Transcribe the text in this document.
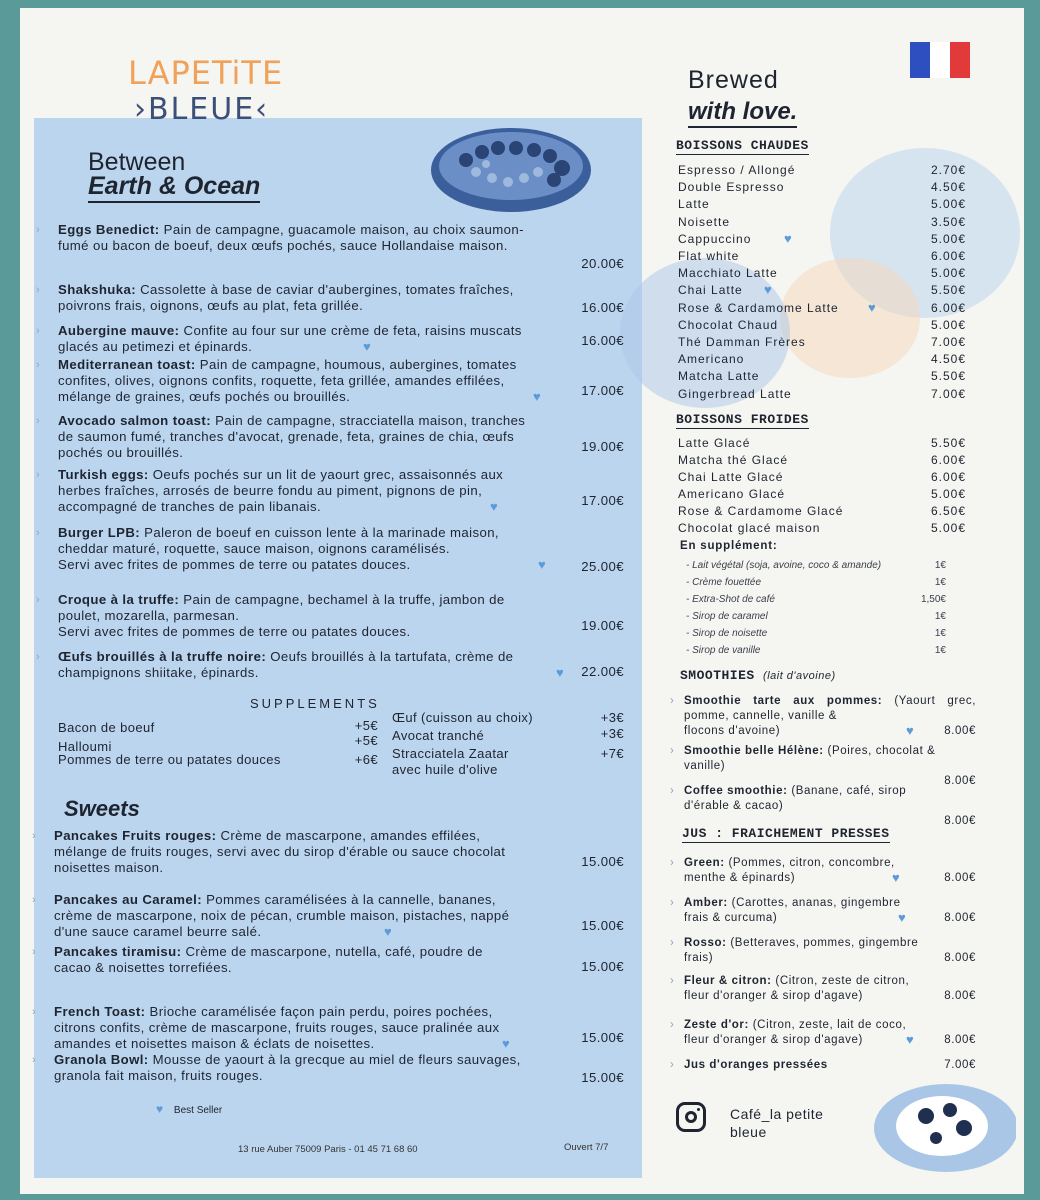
LAPETiTE
›BLEUE‹
Between
Earth & Ocean
Brewed
with love.
› Eggs Benedict: Pain de campagne, guacamole maison, au choix saumon-
fumé ou bacon de boeuf, deux œufs pochés, sauce Hollandaise maison.
20.00€
› Shakshuka: Cassolette à base de caviar d'aubergines, tomates fraîches,
poivrons frais, oignons, œufs au plat, feta grillée.	16.00€
› Aubergine mauve: Confite au four sur une crème de feta, raisins muscats
glacés au petimezi et épinards.	16.00€
♥
› Mediterranean toast: Pain de campagne, houmous, aubergines, tomates
confites, olives, oignons confits, roquette, feta grillée, amandes effilées,
mélange de graines, œufs pochés ou brouillés.	17.00€
♥
› Avocado salmon toast: Pain de campagne, stracciatella maison, tranches
de saumon fumé, tranches d'avocat, grenade, feta, graines de chia, œufs
pochés ou brouillés.	19.00€
› Turkish eggs: Oeufs pochés sur un lit de yaourt grec, assaisonnés aux
herbes fraîches, arrosés de beurre fondu au piment, pignons de pin,
accompagné de tranches de pain libanais.	17.00€
♥
› Burger LPB: Paleron de boeuf en cuisson lente à la marinade maison,
cheddar maturé, roquette, sauce maison, oignons caramélisés.
Servi avec frites de pommes de terre ou patates douces.	25.00€
♥
› Croque à la truffe: Pain de campagne, bechamel à la truffe, jambon de
poulet, mozarella, parmesan.
Servi avec frites de pommes de terre ou patates douces.	19.00€
› Œufs brouillés à la truffe noire: Oeufs brouillés à la tartufata, crème de
champignons shiitake, épinards.	22.00€
♥
SUPPLEMENTS
Bacon de boeuf	+5€
Halloumi	+5€
Pommes de terre ou patates douces	+6€
Œuf (cuisson au choix)	+3€
Avocat tranché	+3€
Stracciatela Zaatar
avec huile d'olive
+7€
Sweets
› Pancakes Fruits rouges: Crème de mascarpone, amandes effilées,
mélange de fruits rouges, servi avec du sirop d'érable ou sauce chocolat
noisettes maison.	15.00€
› Pancakes au Caramel: Pommes caramélisées à la cannelle, bananes,
crème de mascarpone, noix de pécan, crumble maison, pistaches, nappé
d'une sauce caramel beurre salé.	15.00€
♥
› Pancakes tiramisu: Crème de mascarpone, nutella, café, poudre de
cacao & noisettes torrefiées.	15.00€
› French Toast: Brioche caramélisée façon pain perdu, poires pochées,
citrons confits, crème de mascarpone, fruits rouges, sauce pralinée aux
amandes et noisettes maison & éclats de noisettes.	15.00€
♥
› Granola Bowl: Mousse de yaourt à la grecque au miel de fleurs sauvages,
granola fait maison, fruits rouges.	15.00€
♥ Best Seller
13 rue Auber 75009 Paris - 01 45 71 68 60	Ouvert 7/7
BOISSONS CHAUDES
Espresso / Allongé	2.70€
Double Espresso	4.50€
Latte	5.00€
Noisette	3.50€
Cappuccino	♥	5.00€
Flat white	6.00€
Macchiato Latte	5.00€
Chai Latte ♥	5.50€
Rose & Cardamome Latte ♥	6.00€
Chocolat Chaud	5.00€
Thé Damman Frères	7.00€
Americano	4.50€
Matcha Latte	5.50€
Gingerbread Latte	7.00€
BOISSONS FROIDES
Latte Glacé	5.50€
Matcha thé Glacé	6.00€
Chai Latte Glacé	6.00€
Americano Glacé	5.00€
Rose & Cardamome Glacé	6.50€
Chocolat glacé maison	5.00€
En supplément:
- Lait végétal (soja, avoine, coco & amande)	1€
- Crème fouettée	1€
- Extra-Shot de café	1,50€
- Sirop de caramel	1€
- Sirop de noisette	1€
- Sirop de vanille	1€
SMOOTHIES (lait d'avoine)
› Smoothie tarte aux pommes: (Yaourt grec, pomme, cannelle, vanille &
flocons d'avoine)	8.00€
♥
› Smoothie belle Hélène: (Poires, chocolat &
vanille)
8.00€
› Coffee smoothie: (Banane, café, sirop
d'érable & cacao)
8.00€
JUS : FRAICHEMENT PRESSES
› Green: (Pommes, citron, concombre,
menthe & épinards)	8.00€
♥
› Amber: (Carottes, ananas, gingembre
frais & curcuma)	8.00€
♥
› Rosso: (Betteraves, pommes, gingembre
frais)	8.00€
› Fleur & citron: (Citron, zeste de citron,
fleur d'oranger & sirop d'agave)	8.00€
› Zeste d'or: (Citron, zeste, lait de coco,
fleur d'oranger & sirop d'agave)	8.00€
♥
› Jus d'oranges pressées	7.00€
Café_la petite
bleue
